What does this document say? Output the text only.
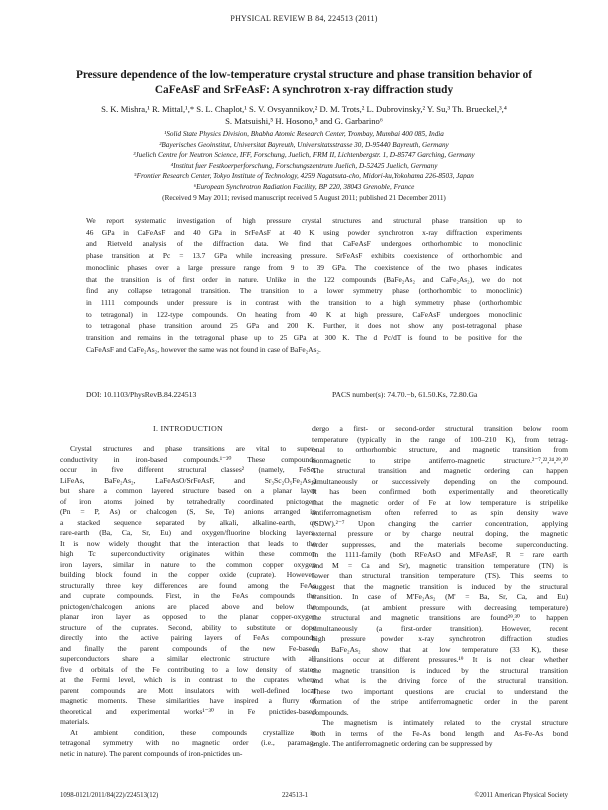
PHYSICAL REVIEW B 84, 224513 (2011)
Pressure dependence of the low-temperature crystal structure and phase transition behavior of
CaFeAsF and SrFeAsF: A synchrotron x-ray diffraction study
S. K. Mishra,¹ R. Mittal,¹,* S. L. Chaplot,¹ S. V. Ovsyannikov,² D. M. Trots,² L. Dubrovinsky,² Y. Su,³ Th. Brueckel,³,⁴
S. Matsuishi,⁵ H. Hosono,⁵ and G. Garbarino⁶
¹Solid State Physics Division, Bhabha Atomic Research Center, Trombay, Mumbai 400 085, India
²Bayerisches Geoinstitut, Universitat Bayreuth, Universitatsstrasse 30, D-95440 Bayreuth, Germany
³Juelich Centre for Neutron Science, IFF, Forschung, Juelich, FRM II, Lichtenbergstr. 1, D-85747 Garching, Germany
⁴Institut fuer Festkoerperforschung, Forschungszentrum Juelich, D-52425 Juelich, Germany
⁵Frontier Research Center, Tokyo Institute of Technology, 4259 Nagatsuta-cho, Midori-ku,Yokohama 226-8503, Japan
⁶European Synchrotron Radiation Facility, BP 220, 38043 Grenoble, France
(Received 9 May 2011; revised manuscript received 5 August 2011; published 21 December 2011)
We report systematic investigation of high pressure crystal structures and structural phase transition up to
46 GPa in CaFeAsF and 40 GPa in SrFeAsF at 40 K using powder synchrotron x-ray diffraction experiments
and Rietveld analysis of the diffraction data. We find that CaFeAsF undergoes orthorhombic to monoclinic
phase transition at Pc = 13.7 GPa while increasing pressure. SrFeAsF exhibits coexistence of orthorhombic and
monoclinic phases over a large pressure range from 9 to 39 GPa. The coexistence of the two phases indicates
that the transition is of first order in nature. Unlike in the 122 compounds (BaFe₂As₂ and CaFe₂As₂), we do not
find any collapse tetragonal transition. The transition to a lower symmetry phase (orthorhombic to monoclinic)
in 1111 compounds under pressure is in contrast with the transition to a high symmetry phase (orthorhombic
to tetragonal) in 122-type compounds. On heating from 40 K at high pressure, CaFeAsF undergoes monoclinic
to tetragonal phase transition around 25 GPa and 200 K. Further, it does not show any post-tetragonal phase
transition and remains in the tetragonal phase up to 25 GPa at 300 K. The d Pc/dT is found to be positive for the
CaFeAsF and CaFe₂As₂, however the same was not found in case of BaFe₂As₂.
DOI: 10.1103/PhysRevB.84.224513	PACS number(s): 74.70.−b, 61.50.Ks, 72.80.Ga
I. INTRODUCTION
Crystal structures and phase transitions are vital to super-
conductivity in iron-based compounds.¹⁻²⁰ These compounds
occur in five different structural classes² (namely, FeSe,
LiFeAs, BaFe₂As₂, LaFeAsO/SrFeAsF, and Sr₃Sc₂O₅Fe₂As₂)
but share a common layered structure based on a planar layer
of iron atoms joined by tetrahedrally coordinated pnictogen
(Pn = P, As) or chalcogen (S, Se, Te) anions arranged in
a stacked sequence separated by alkali, alkaline-earth, or
rare-earth (Ba, Ca, Sr, Eu) and oxygen/fluorine blocking layers.
It is now widely thought that the interaction that leads to the
high Tc superconductivity originates within these common
iron layers, similar in nature to the common copper oxygen
building block found in the copper oxide (cuprate). However,
structurally three key differences are found among the FeAs
and cuprate compounds. First, in the FeAs compounds the
pnictogen/chalcogen anions are placed above and below the
planar iron layer as opposed to the planar copper-oxygen
structure of the cuprates. Second, ability to substitute or dope
directly into the active pairing layers of FeAs compounds
and finally the parent compounds of the new Fe-based
superconductors share a similar electronic structure with all
five d orbitals of the Fe contributing to a low density of states
at the Fermi level, which is in contrast to the cuprates where
parent compounds are Mott insulators with well-defined local
magnetic moments. These similarities have inspired a flurry of
theoretical and experimental works¹⁻³⁰ in Fe pnictides-based
materials.
At ambient condition, these compounds crystallize in
tetragonal symmetry with no magnetic order (i.e., paramag-
netic in nature). The parent compounds of iron-pnictides un-
dergo a first- or second-order structural transition below room
temperature (typically in the range of 100–210 K), from tetrag-
onal to orthorhombic structure, and magnetic transition from
nonmagnetic to stripe antiferro-magnetic structure.²⁻⁷,²²,²⁴,²⁹,³⁰
The structural transition and magnetic ordering can happen
simultaneously or successively depending on the compound.
It has been confirmed both experimentally and theoretically
that the magnetic order of Fe at low temperature is stripelike
antiferromagnetism often referred to as spin density wave
(SDW).²⁻⁷ Upon changing the carrier concentration, applying
external pressure or by charge neutral doping, the magnetic
order suppresses, and the materials become superconducting.
In the 1111-family (both RFeAsO and MFeAsF, R = rare earth
and M = Ca and Sr), magnetic transition temperature (TN) is
lower than structural transition temperature (TS). This seems to
suggest that the magnetic transition is induced by the structural
transition. In case of M'Fe₂As₂ (M' = Ba, Sr, Ca, and Eu)
compounds, (at ambient pressure with decreasing temperature)
the structural and magnetic transitions are found²⁹,³⁰ to happen
simultaneously (a first-order transition). However, recent
high pressure powder x-ray synchrotron diffraction studies
on BaFe₂As₂ show that at low temperature (33 K), these
transitions occur at different pressures.¹⁹ It is not clear whether
the magnetic transition is induced by the structural transition
and what is the driving force of the structural transition.
These two important questions are crucial to understand the
formation of the stripe antiferromagnetic order in the parent
compounds.
The magnetism is intimately related to the crystal structure
both in terms of the Fe-As bond length and As-Fe-As bond
angle. The antiferromagnetic ordering can be suppressed by
1098-0121/2011/84(22)/224513(12)	224513-1	©2011 American Physical Society
